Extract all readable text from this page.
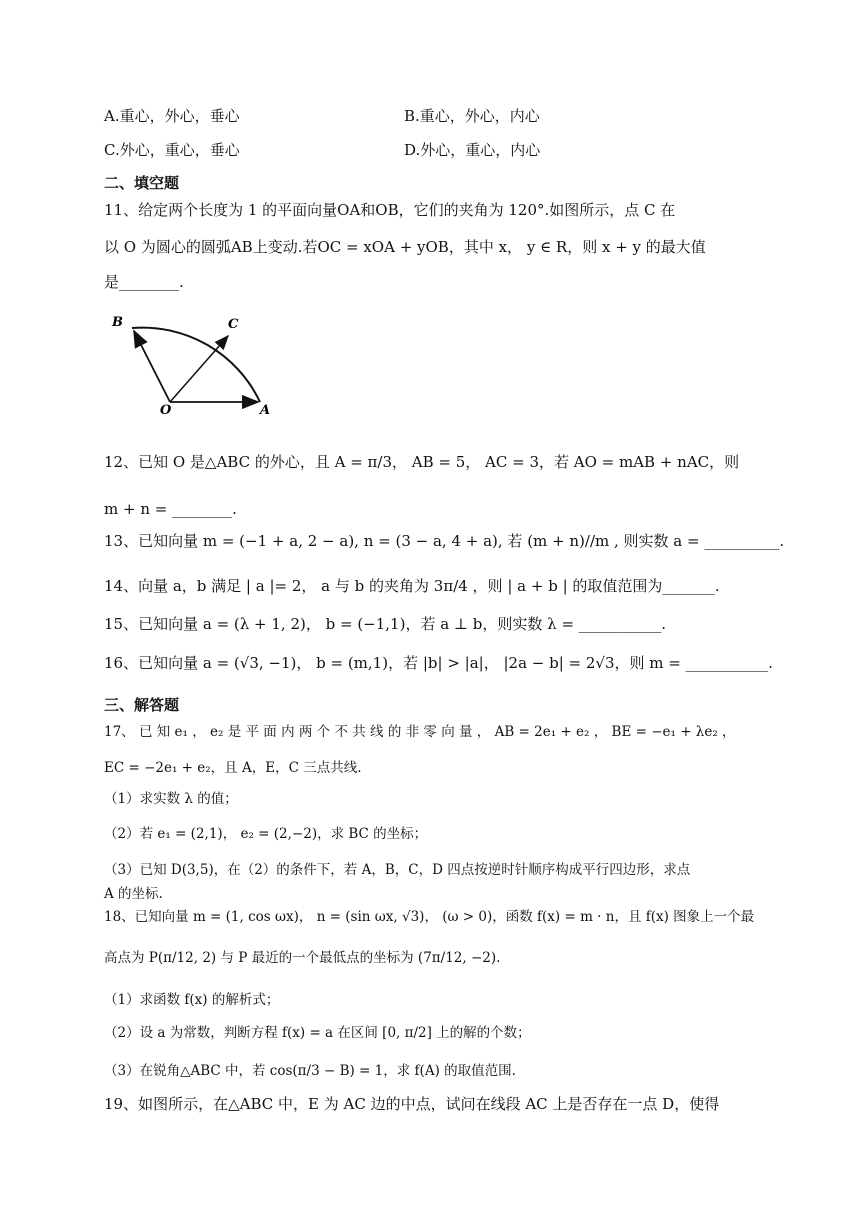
A.重心，外心，垂心	B.重心，外心，内心
C.外心，重心，垂心	D.外心，重心，内心
二、填空题
11、给定两个长度为 1 的平面向量OA和OB，它们的夹角为 120°.如图所示，点 C 在
以 O 为圆心的圆弧AB上变动.若OC = xOA + yOB，其中 x， y ∈ R，则 x + y 的最大值
是________.
B	C
O	A
12、已知 O 是△ABC 的外心，且 A = π/3， AB = 5， AC = 3，若 AO = mAB + nAC，则
m + n = ________.
13、已知向量 m = (−1 + a, 2 − a), n = (3 − a, 4 + a), 若 (m + n)//m , 则实数 a = __________.
14、向量 a，b 满足 | a |= 2， a 与 b 的夹角为 3π/4 ，则 | a + b | 的取值范围为_______.
15、已知向量 a = (λ + 1, 2)， b = (−1,1)，若 a ⊥ b，则实数 λ = ___________.
16、已知向量 a = (√3, −1)， b = (m,1)，若 |b| > |a|， |2a − b| = 2√3，则 m = ___________.
三、解答题
17、 已 知 e₁ ， e₂ 是 平 面 内 两 个 不 共 线 的 非 零 向 量 ， AB = 2e₁ + e₂ ， BE = −e₁ + λe₂ ，
EC = −2e₁ + e₂，且 A，E，C 三点共线.
（1）求实数 λ 的值；
（2）若 e₁ = (2,1)， e₂ = (2,−2)，求 BC 的坐标；
（3）已知 D(3,5)，在（2）的条件下，若 A，B，C，D 四点按逆时针顺序构成平行四边形，求点
A 的坐标.
18、已知向量 m = (1, cos ωx)， n = (sin ωx, √3)， (ω > 0)，函数 f(x) = m · n，且 f(x) 图象上一个最
高点为 P(π/12, 2) 与 P 最近的一个最低点的坐标为 (7π/12, −2).
（1）求函数 f(x) 的解析式；
（2）设 a 为常数，判断方程 f(x) = a 在区间 [0, π/2] 上的解的个数；
（3）在锐角△ABC 中，若 cos(π/3 − B) = 1，求 f(A) 的取值范围.
19、如图所示，在△ABC 中，E 为 AC 边的中点，试问在线段 AC 上是否存在一点 D，使得
